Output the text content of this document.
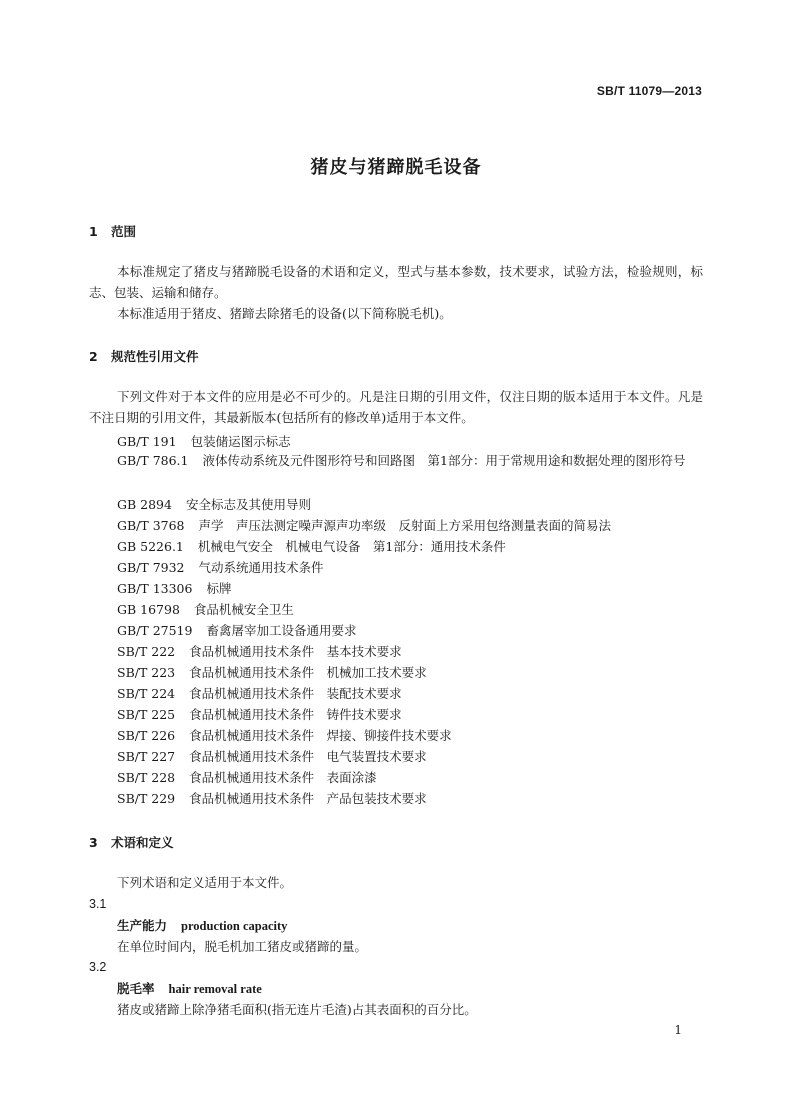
SB/T 11079—2013
猪皮与猪蹄脱毛设备
1 范围
本标准规定了猪皮与猪蹄脱毛设备的术语和定义，型式与基本参数，技术要求，试验方法，检验规则，标志、包装、运输和储存。
本标准适用于猪皮、猪蹄去除猪毛的设备(以下简称脱毛机)。
2 规范性引用文件
下列文件对于本文件的应用是必不可少的。凡是注日期的引用文件，仅注日期的版本适用于本文件。凡是不注日期的引用文件，其最新版本(包括所有的修改单)适用于本文件。
GB/T 191 包装储运图示标志
GB/T 786.1 液体传动系统及元件图形符号和回路图　第1部分：用于常规用途和数据处理的图形符号
GB 2894 安全标志及其使用导则
GB/T 3768 声学　声压法测定噪声源声功率级　反射面上方采用包络测量表面的简易法
GB 5226.1 机械电气安全　机械电气设备　第1部分：通用技术条件
GB/T 7932 气动系统通用技术条件
GB/T 13306 标牌
GB 16798 食品机械安全卫生
GB/T 27519 畜禽屠宰加工设备通用要求
SB/T 222 食品机械通用技术条件　基本技术要求
SB/T 223 食品机械通用技术条件　机械加工技术要求
SB/T 224 食品机械通用技术条件　装配技术要求
SB/T 225 食品机械通用技术条件　铸件技术要求
SB/T 226 食品机械通用技术条件　焊接、铆接件技术要求
SB/T 227 食品机械通用技术条件　电气装置技术要求
SB/T 228 食品机械通用技术条件　表面涂漆
SB/T 229 食品机械通用技术条件　产品包装技术要求
3 术语和定义
下列术语和定义适用于本文件。
3.1
生产能力 production capacity
在单位时间内，脱毛机加工猪皮或猪蹄的量。
3.2
脱毛率 hair removal rate
猪皮或猪蹄上除净猪毛面积(指无连片毛渣)占其表面积的百分比。
1
